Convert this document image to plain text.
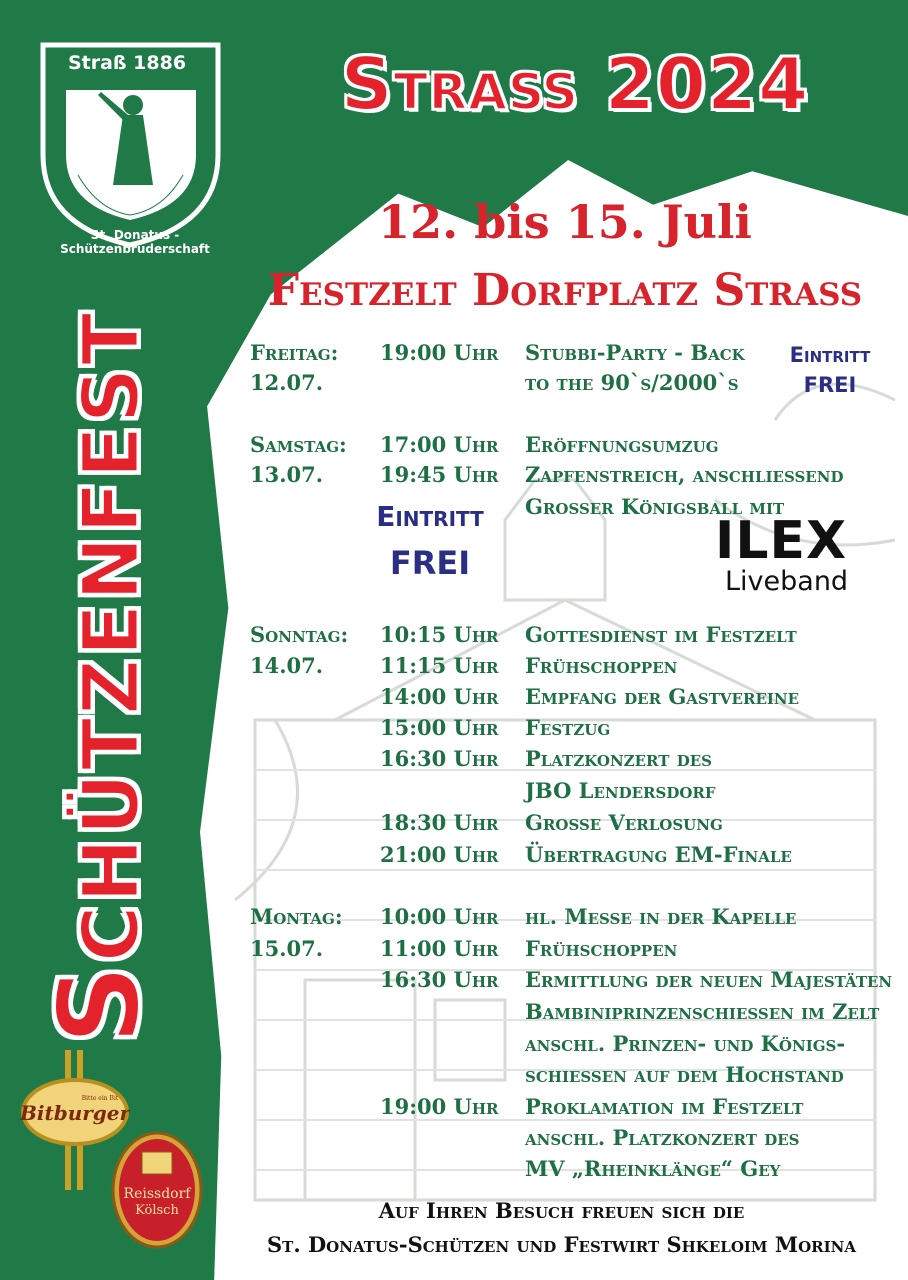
Straß 1886
St. Donatus - Schützenbruderschaft
Straß 2024
12. bis 15. Juli
Festzelt Dorfplatz Straß
Schützenfest	Freitag:
12.07.
19:00 Uhr Stubbi-Party - Back
to the 90`s/2000`s
Eintritt
FREI
Samstag:
13.07.
17:00 Uhr
19:45 Uhr
Eröffnungsumzug
Zapfenstreich, anschließend
Großer Königsball mit
Eintritt
FREI	ILEX
Liveband
Sonntag:
14.07.
10:15 Uhr
11:15 Uhr
14:00 Uhr
15:00 Uhr
16:30 Uhr
18:30 Uhr
21:00 Uhr
Gottesdienst im Festzelt
Frühschoppen
Empfang der Gastvereine
Festzug
Platzkonzert des
JBO Lendersdorf
Große Verlosung
Übertragung EM-Finale
Montag:
15.07.
10:00 Uhr
11:00 Uhr
16:30 Uhr
19:00 Uhr
hl. Messe in der Kapelle
Frühschoppen
Ermittlung der neuen Majestäten
Bambiniprinzenschießen im Zelt
anschl. Prinzen- und Königs-
schießen auf dem Hochstand
Proklamation im Festzelt
anschl. Platzkonzert des
MV „Rheinklänge“ Gey
Auf Ihren Besuch freuen sich die
St. Donatus-Schützen und Festwirt Shkeloim Morina
Bitburger
Bitte ein Bit
Reissdorf
Kölsch
